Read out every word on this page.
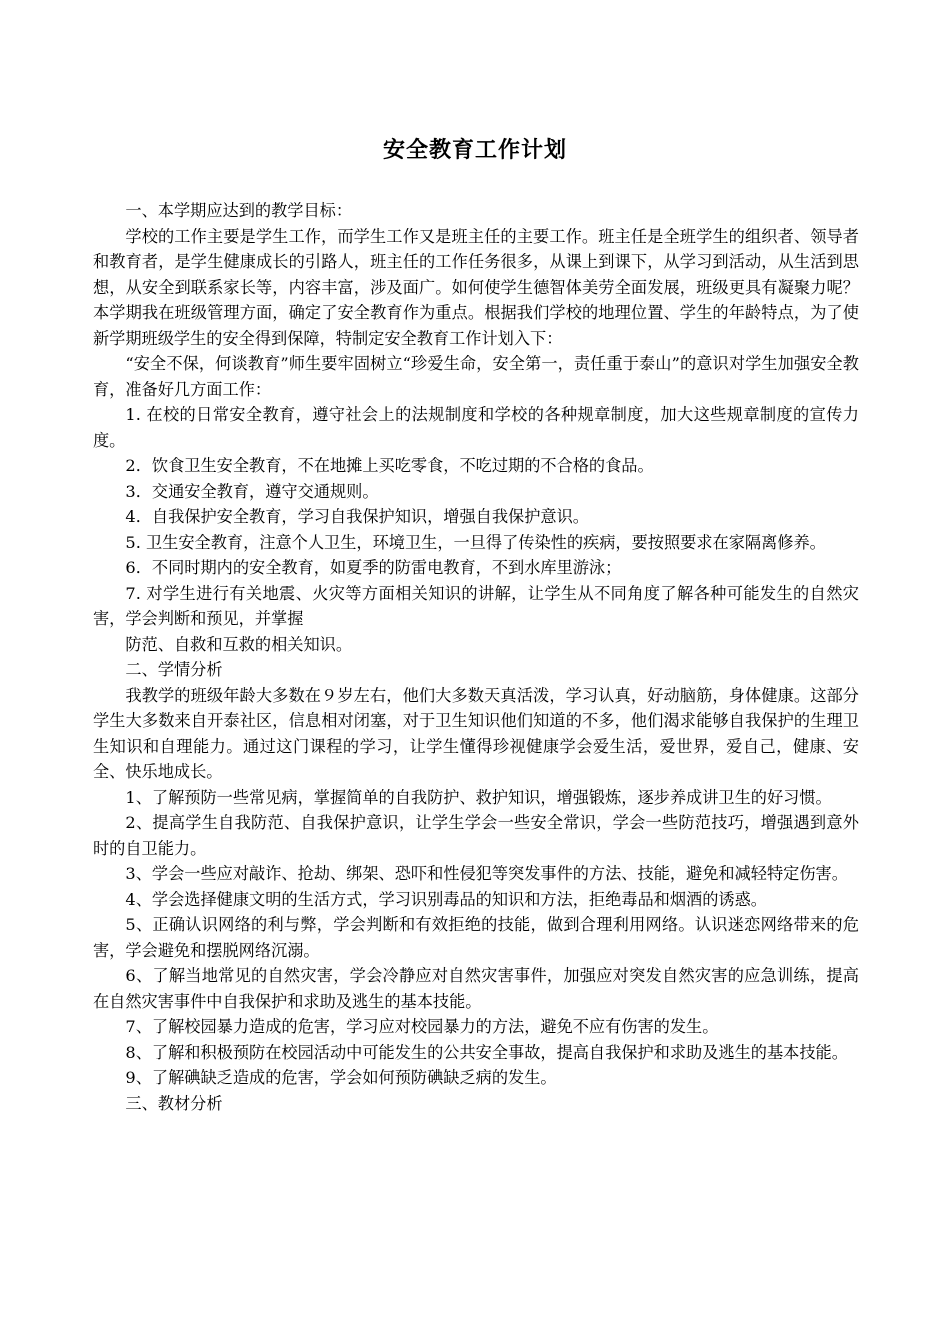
安全教育工作计划

一、本学期应达到的教学目标：

学校的工作主要是学生工作，而学生工作又是班主任的主要工作。班主任是全班学生的组织者、领导者和教育者，是学生健康成长的引路人，班主任的工作任务很多，从课上到课下，从学习到活动，从生活到思想，从安全到联系家长等，内容丰富，涉及面广。如何使学生德智体美劳全面发展，班级更具有凝聚力呢？本学期我在班级管理方面，确定了安全教育作为重点。根据我们学校的地理位置、学生的年龄特点，为了使新学期班级学生的安全得到保障，特制定安全教育工作计划入下：

“安全不保，何谈教育”师生要牢固树立“珍爱生命，安全第一，责任重于泰山”的意识对学生加强安全教育，准备好几方面工作：

1. 在校的日常安全教育，遵守社会上的法规制度和学校的各种规章制度，加大这些规章制度的宣传力度。

2．饮食卫生安全教育，不在地摊上买吃零食，不吃过期的不合格的食品。

3．交通安全教育，遵守交通规则。

4．自我保护安全教育，学习自我保护知识，增强自我保护意识。

5. 卫生安全教育，注意个人卫生，环境卫生，一旦得了传染性的疾病，要按照要求在家隔离修养。

6．不同时期内的安全教育，如夏季的防雷电教育，不到水库里游泳；

7. 对学生进行有关地震、火灾等方面相关知识的讲解，让学生从不同角度了解各种可能发生的自然灾害，学会判断和预见，并掌握

防范、自救和互救的相关知识。

二、学情分析

我教学的班级年龄大多数在９岁左右，他们大多数天真活泼，学习认真，好动脑筋，身体健康。这部分学生大多数来自开泰社区，信息相对闭塞，对于卫生知识他们知道的不多，他们渴求能够自我保护的生理卫生知识和自理能力。通过这门课程的学习，让学生懂得珍视健康学会爱生活，爱世界，爱自己，健康、安全、快乐地成长。

1、了解预防一些常见病，掌握简单的自我防护、救护知识，增强锻炼，逐步养成讲卫生的好习惯。

2、提高学生自我防范、自我保护意识，让学生学会一些安全常识，学会一些防范技巧，增强遇到意外时的自卫能力。

3、学会一些应对敲诈、抢劫、绑架、恐吓和性侵犯等突发事件的方法、技能，避免和减轻特定伤害。

4、学会选择健康文明的生活方式，学习识别毒品的知识和方法，拒绝毒品和烟酒的诱惑。

5、正确认识网络的利与弊，学会判断和有效拒绝的技能，做到合理利用网络。认识迷恋网络带来的危害，学会避免和摆脱网络沉溺。

6、了解当地常见的自然灾害，学会冷静应对自然灾害事件，加强应对突发自然灾害的应急训练，提高在自然灾害事件中自我保护和求助及逃生的基本技能。

7、了解校园暴力造成的危害，学习应对校园暴力的方法，避免不应有伤害的发生。

8、了解和积极预防在校园活动中可能发生的公共安全事故，提高自我保护和求助及逃生的基本技能。

9、了解碘缺乏造成的危害，学会如何预防碘缺乏病的发生。

三、教材分析
